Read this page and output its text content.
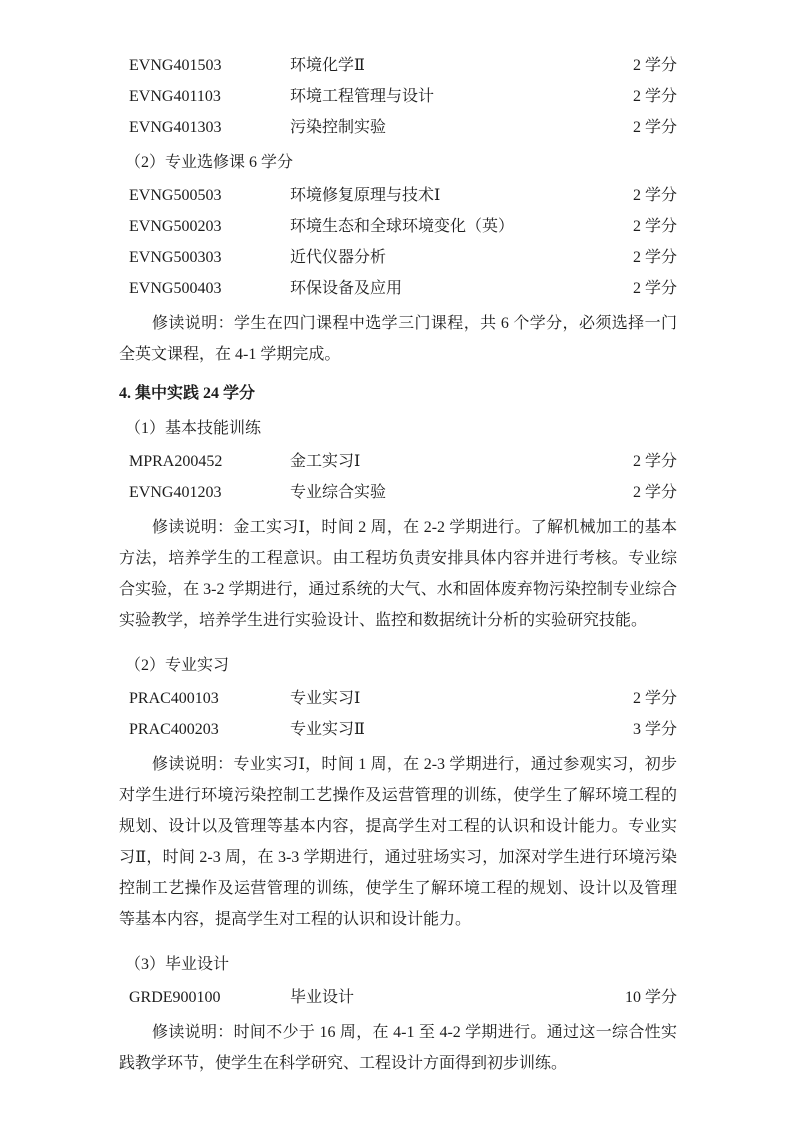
EVNG401503	环境化学Ⅱ	2 学分
EVNG401103	环境工程管理与设计	2 学分
EVNG401303	污染控制实验	2 学分
（2）专业选修课 6 学分
EVNG500503	环境修复原理与技术Ⅰ	2 学分
EVNG500203	环境生态和全球环境变化（英）	2 学分
EVNG500303	近代仪器分析	2 学分
EVNG500403	环保设备及应用	2 学分
修读说明：学生在四门课程中选学三门课程，共 6 个学分，必须选择一门全英文课程，在 4-1 学期完成。
4. 集中实践 24 学分
（1）基本技能训练
MPRA200452	金工实习Ⅰ	2 学分
EVNG401203	专业综合实验	2 学分
修读说明：金工实习Ⅰ，时间 2 周，在 2-2 学期进行。了解机械加工的基本方法，培养学生的工程意识。由工程坊负责安排具体内容并进行考核。专业综合实验，在 3-2 学期进行，通过系统的大气、水和固体废弃物污染控制专业综合实验教学，培养学生进行实验设计、监控和数据统计分析的实验研究技能。
（2）专业实习
PRAC400103	专业实习Ⅰ	2 学分
PRAC400203	专业实习Ⅱ	3 学分
修读说明：专业实习Ⅰ，时间 1 周，在 2-3 学期进行，通过参观实习，初步对学生进行环境污染控制工艺操作及运营管理的训练，使学生了解环境工程的规划、设计以及管理等基本内容，提高学生对工程的认识和设计能力。专业实习Ⅱ，时间 2-3 周，在 3-3 学期进行，通过驻场实习，加深对学生进行环境污染控制工艺操作及运营管理的训练，使学生了解环境工程的规划、设计以及管理等基本内容，提高学生对工程的认识和设计能力。
（3）毕业设计
GRDE900100	毕业设计	10 学分
修读说明：时间不少于 16 周，在 4-1 至 4-2 学期进行。通过这一综合性实践教学环节，使学生在科学研究、工程设计方面得到初步训练。
